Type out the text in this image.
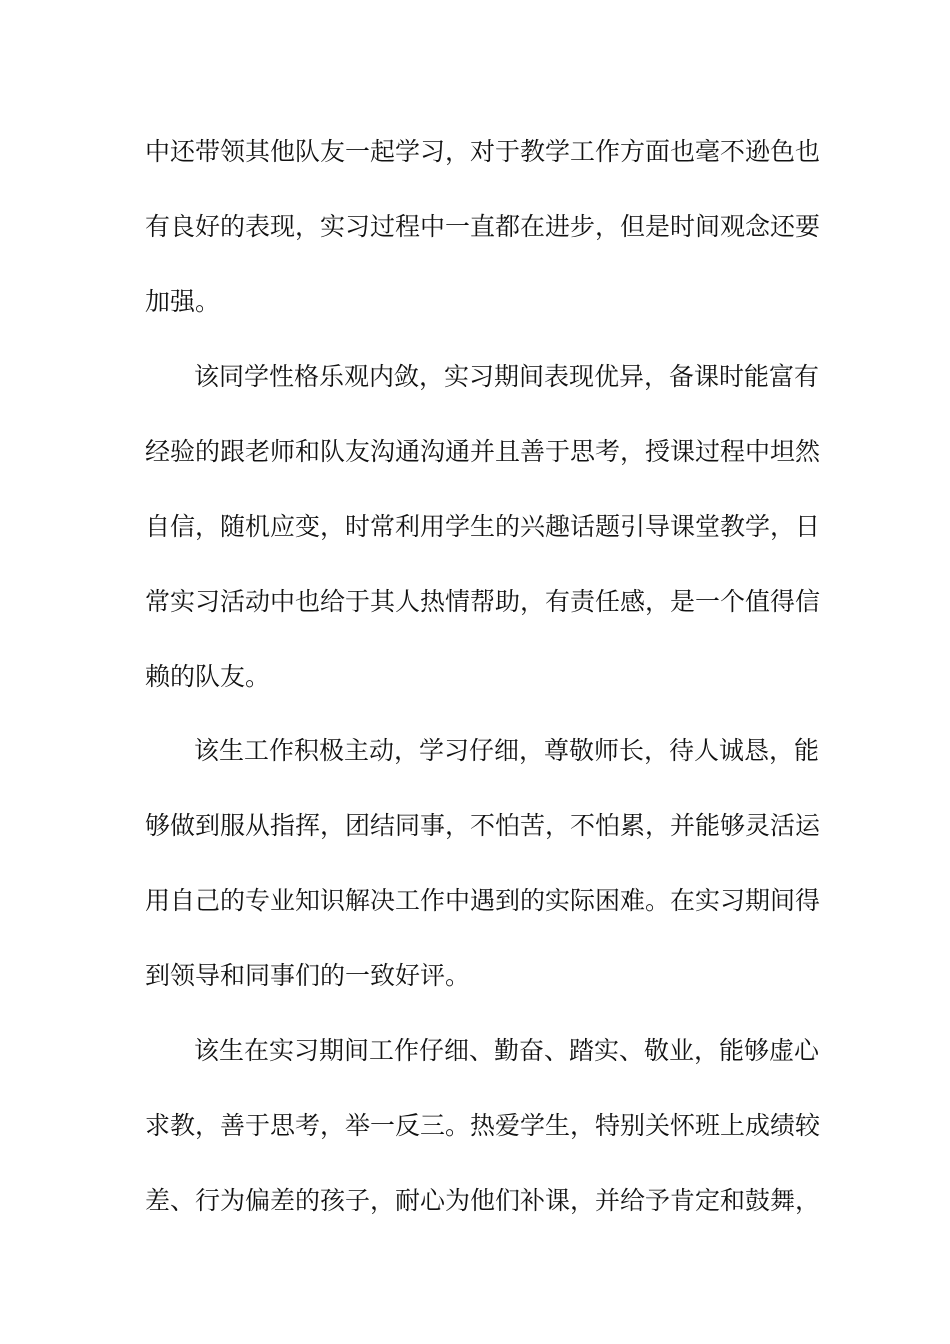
中还带领其他队友一起学习，对于教学工作方面也毫不逊色也
有良好的表现，实习过程中一直都在进步，但是时间观念还要
加强。
该同学性格乐观内敛，实习期间表现优异，备课时能富有
经验的跟老师和队友沟通沟通并且善于思考，授课过程中坦然
自信，随机应变，时常利用学生的兴趣话题引导课堂教学，日
常实习活动中也给于其人热情帮助，有责任感，是一个值得信
赖的队友。
该生工作积极主动，学习仔细，尊敬师长，待人诚恳，能
够做到服从指挥，团结同事，不怕苦，不怕累，并能够灵活运
用自己的专业知识解决工作中遇到的实际困难。在实习期间得
到领导和同事们的一致好评。
该生在实习期间工作仔细、勤奋、踏实、敬业，能够虚心
求教，善于思考，举一反三。热爱学生，特别关怀班上成绩较
差、行为偏差的孩子，耐心为他们补课，并给予肯定和鼓舞，
